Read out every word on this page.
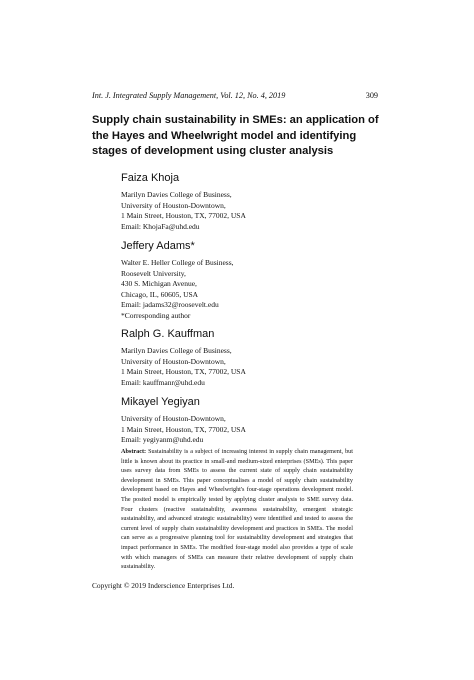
Int. J. Integrated Supply Management, Vol. 12, No. 4, 2019	309
Supply chain sustainability in SMEs: an application of
the Hayes and Wheelwright model and identifying
stages of development using cluster analysis
Faiza Khoja
Marilyn Davies College of Business,
University of Houston-Downtown,
1 Main Street, Houston, TX, 77002, USA
Email: KhojaFa@uhd.edu
Jeffery Adams*
Walter E. Heller College of Business,
Roosevelt University,
430 S. Michigan Avenue,
Chicago, IL, 60605, USA
Email: jadams32@roosevelt.edu
*Corresponding author
Ralph G. Kauffman
Marilyn Davies College of Business,
University of Houston-Downtown,
1 Main Street, Houston, TX, 77002, USA
Email: kauffmanr@uhd.edu
Mikayel Yegiyan
University of Houston-Downtown,
1 Main Street, Houston, TX, 77002, USA
Email: yegiyanm@uhd.edu
Abstract: Sustainability is a subject of increasing interest in supply chain management, but little is known about its practice in small-and medium-sized enterprises (SMEs). This paper uses survey data from SMEs to assess the current state of supply chain sustainability development in SMEs. This paper conceptualises a model of supply chain sustainability development based on Hayes and Wheelwright's four-stage operations development model. The posited model is empirically tested by applying cluster analysis to SME survey data. Four clusters (reactive sustainability, awareness sustainability, emergent strategic sustainability, and advanced strategic sustainability) were identified and tested to assess the current level of supply chain sustainability development and practices in SMEs. The model can serve as a progressive planning tool for sustainability development and strategies that impact performance in SMEs. The modified four-stage model also provides a type of scale with which managers of SMEs can measure their relative development of supply chain sustainability.
Copyright © 2019 Inderscience Enterprises Ltd.
